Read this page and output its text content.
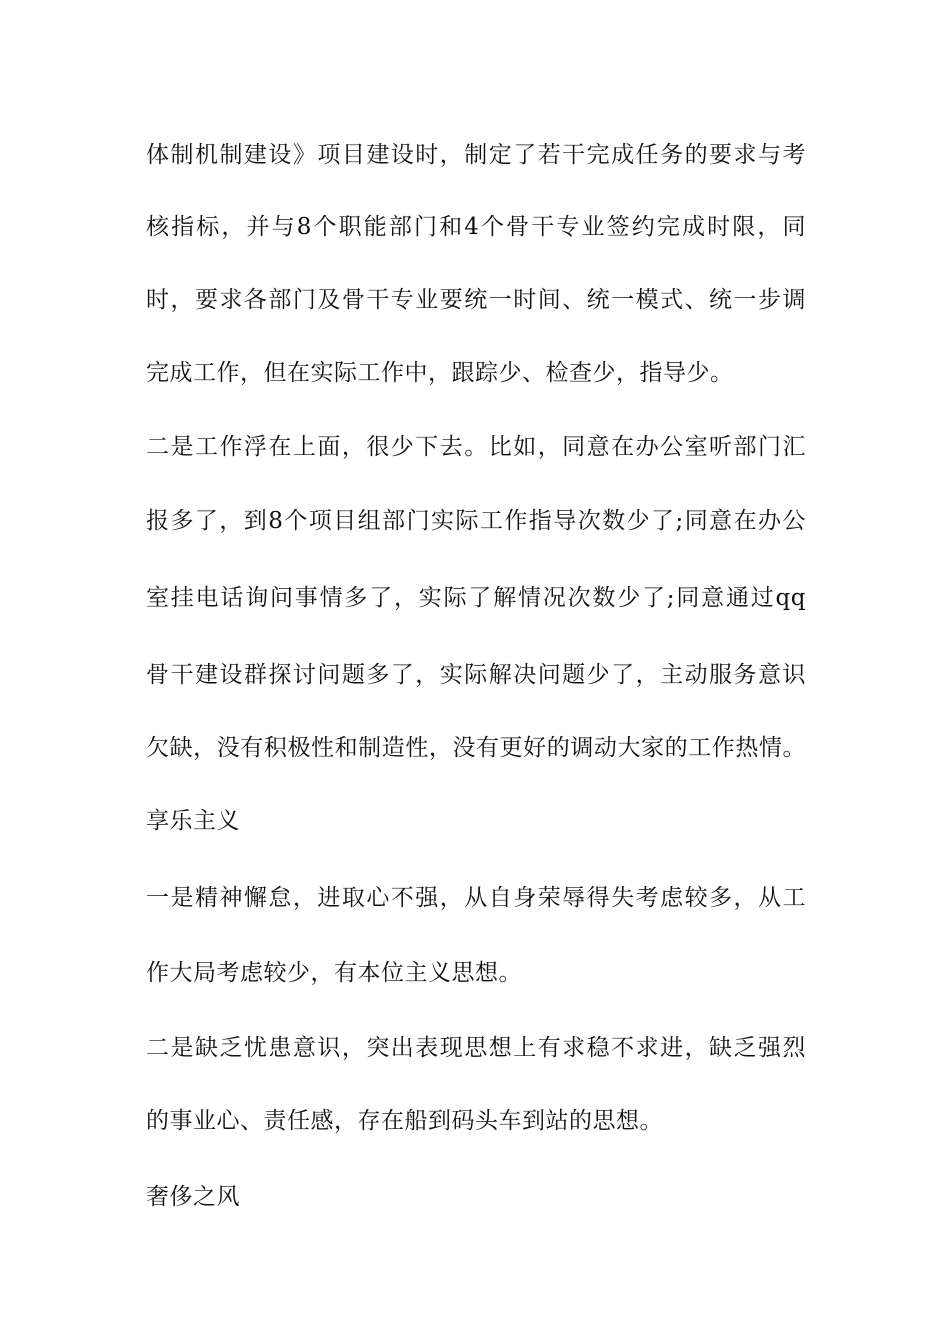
体制机制建设》项目建设时，制定了若干完成任务的要求与考
核指标，并与8个职能部门和4个骨干专业签约完成时限，同
时，要求各部门及骨干专业要统一时间、统一模式、统一步调
完成工作，但在实际工作中，跟踪少、检查少，指导少。
二是工作浮在上面，很少下去。比如，同意在办公室听部门汇
报多了，到8个项目组部门实际工作指导次数少了;同意在办公
室挂电话询问事情多了，实际了解情况次数少了;同意通过qq
骨干建设群探讨问题多了，实际解决问题少了，主动服务意识
欠缺，没有积极性和制造性，没有更好的调动大家的工作热情。
享乐主义
一是精神懈怠，进取心不强，从自身荣辱得失考虑较多，从工
作大局考虑较少，有本位主义思想。
二是缺乏忧患意识，突出表现思想上有求稳不求进，缺乏强烈
的事业心、责任感，存在船到码头车到站的思想。
奢侈之风
